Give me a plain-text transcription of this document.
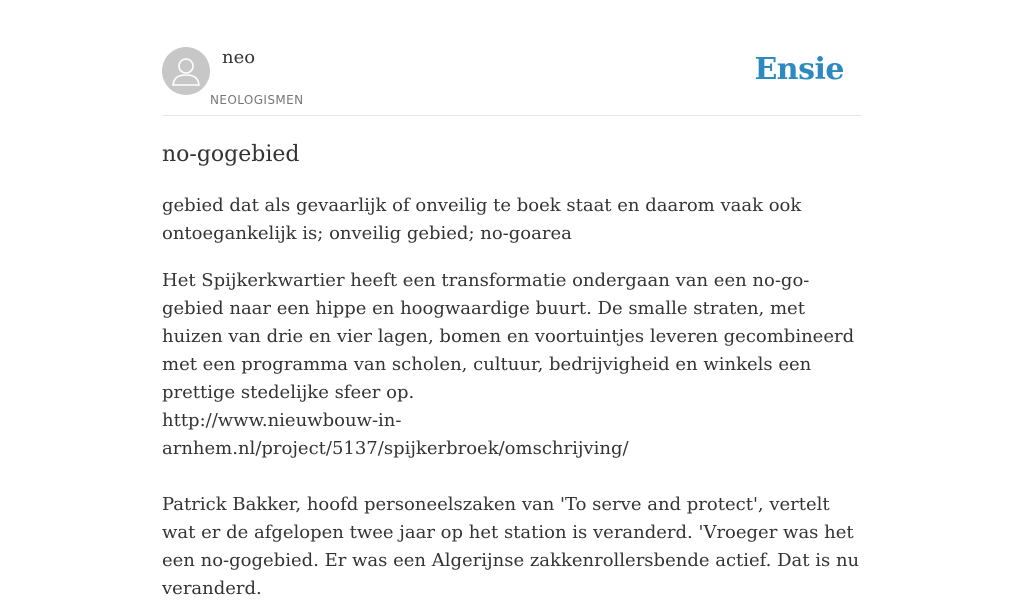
neo
NEOLOGISMEN
Ensie
no-gogebied

gebied dat als gevaarlijk of onveilig te boek staat en daarom vaak ook ontoegankelijk is; onveilig gebied; no-goarea

Het Spijkerkwartier heeft een transformatie ondergaan van een no-go-gebied naar een hippe en hoogwaardige buurt. De smalle straten, met huizen van drie en vier lagen, bomen en voortuintjes leveren gecombineerd met een programma van scholen, cultuur, bedrijvigheid en winkels een prettige stedelijke sfeer op.

http://www.nieuwbouw-in-arnhem.nl/project/5137/spijkerbroek/omschrijving/

Patrick Bakker, hoofd personeelszaken van 'To serve and protect', vertelt wat er de afgelopen twee jaar op het station is veranderd. 'Vroeger was het een no-gogebied. Er was een Algerijnse zakkenrollersbende actief. Dat is nu veranderd.
